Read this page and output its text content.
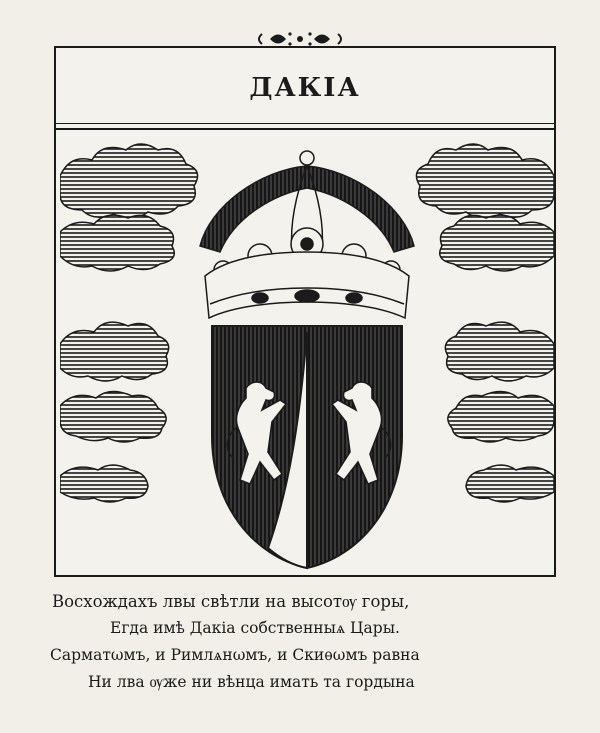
ДАКІА
Восхождахъ лвы свѣтли на высотѹ горы,
Егда имѣ Дакіа собственныѧ Цары.
Сарматωмъ, и Римлѧнωмъ, и Скиѳωмъ равна
Ни лва ѹже ни вѣнца имать та гордына
